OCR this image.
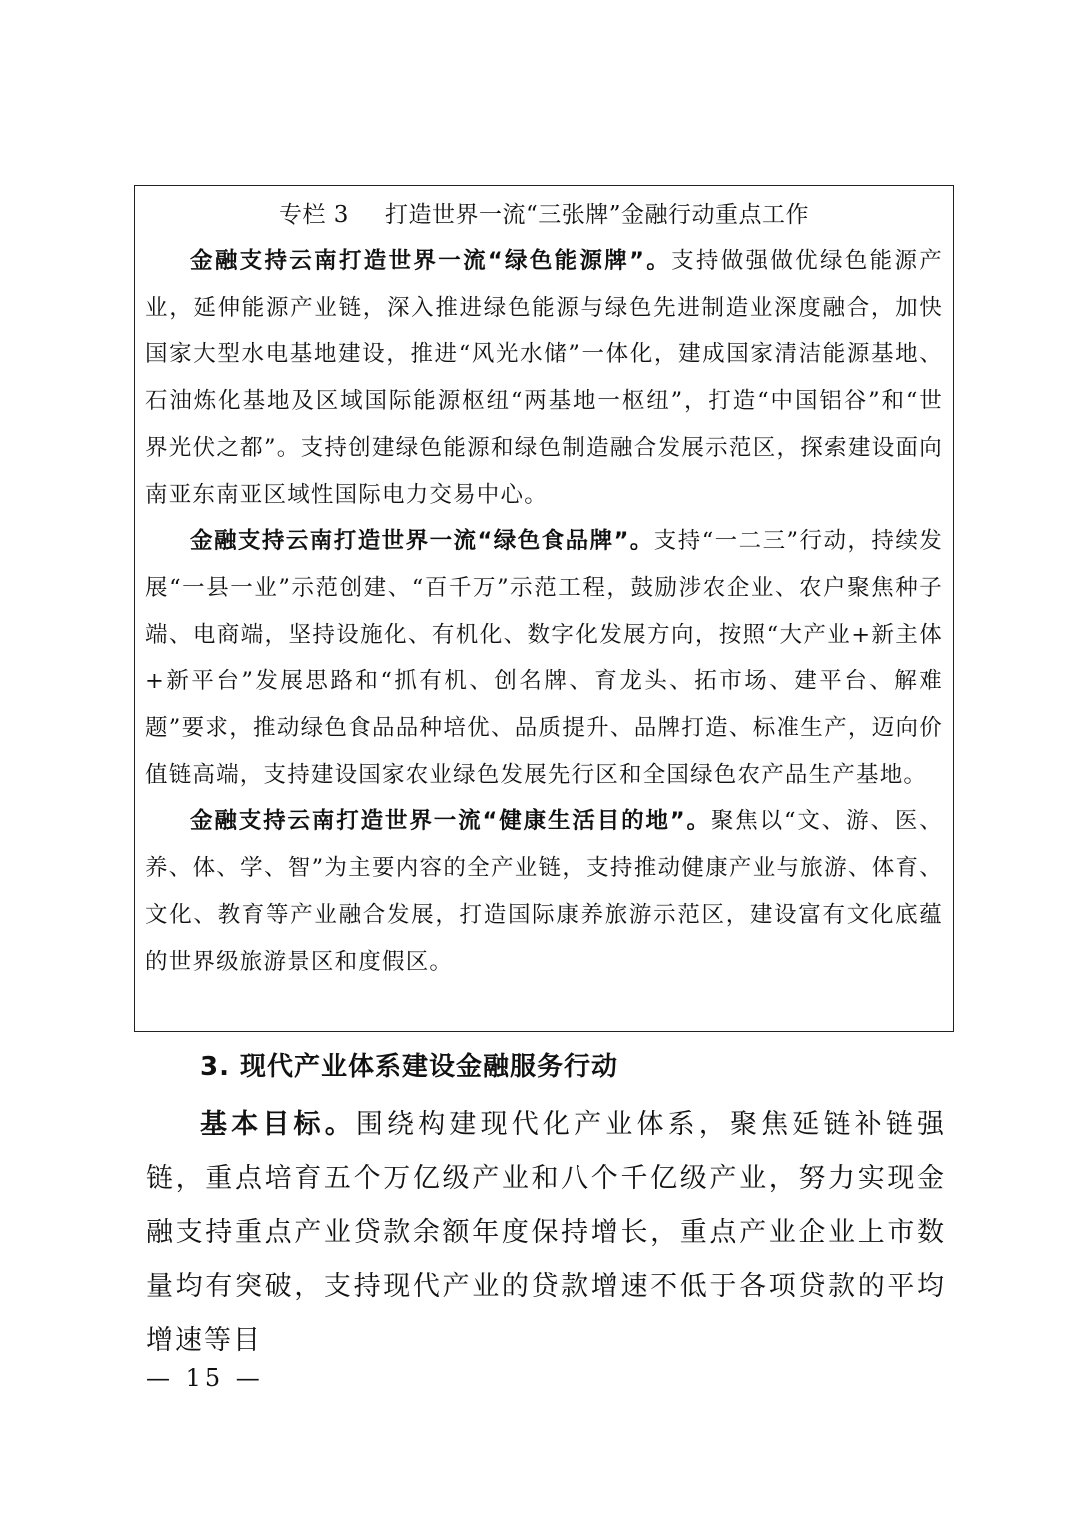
专栏 3 打造世界一流“三张牌”金融行动重点工作

金融支持云南打造世界一流“绿色能源牌”。支持做强做优绿色能源产业，延伸能源产业链，深入推进绿色能源与绿色先进制造业深度融合，加快国家大型水电基地建设，推进“风光水储”一体化，建成国家清洁能源基地、石油炼化基地及区域国际能源枢纽“两基地一枢纽”，打造“中国铝谷”和“世界光伏之都”。支持创建绿色能源和绿色制造融合发展示范区，探索建设面向南亚东南亚区域性国际电力交易中心。

金融支持云南打造世界一流“绿色食品牌”。支持“一二三”行动，持续发展“一县一业”示范创建、“百千万”示范工程，鼓励涉农企业、农户聚焦种子端、电商端，坚持设施化、有机化、数字化发展方向，按照“大产业+新主体+新平台”发展思路和“抓有机、创名牌、育龙头、拓市场、建平台、解难题”要求，推动绿色食品品种培优、品质提升、品牌打造、标准生产，迈向价值链高端，支持建设国家农业绿色发展先行区和全国绿色农产品生产基地。

金融支持云南打造世界一流“健康生活目的地”。聚焦以“文、游、医、养、体、学、智”为主要内容的全产业链，支持推动健康产业与旅游、体育、文化、教育等产业融合发展，打造国际康养旅游示范区，建设富有文化底蕴的世界级旅游景区和度假区。

3. 现代产业体系建设金融服务行动

基本目标。围绕构建现代化产业体系，聚焦延链补链强链，重点培育五个万亿级产业和八个千亿级产业，努力实现金融支持重点产业贷款余额年度保持增长，重点产业企业上市数量均有突破，支持现代产业的贷款增速不低于各项贷款的平均增速等目

— 15 —
